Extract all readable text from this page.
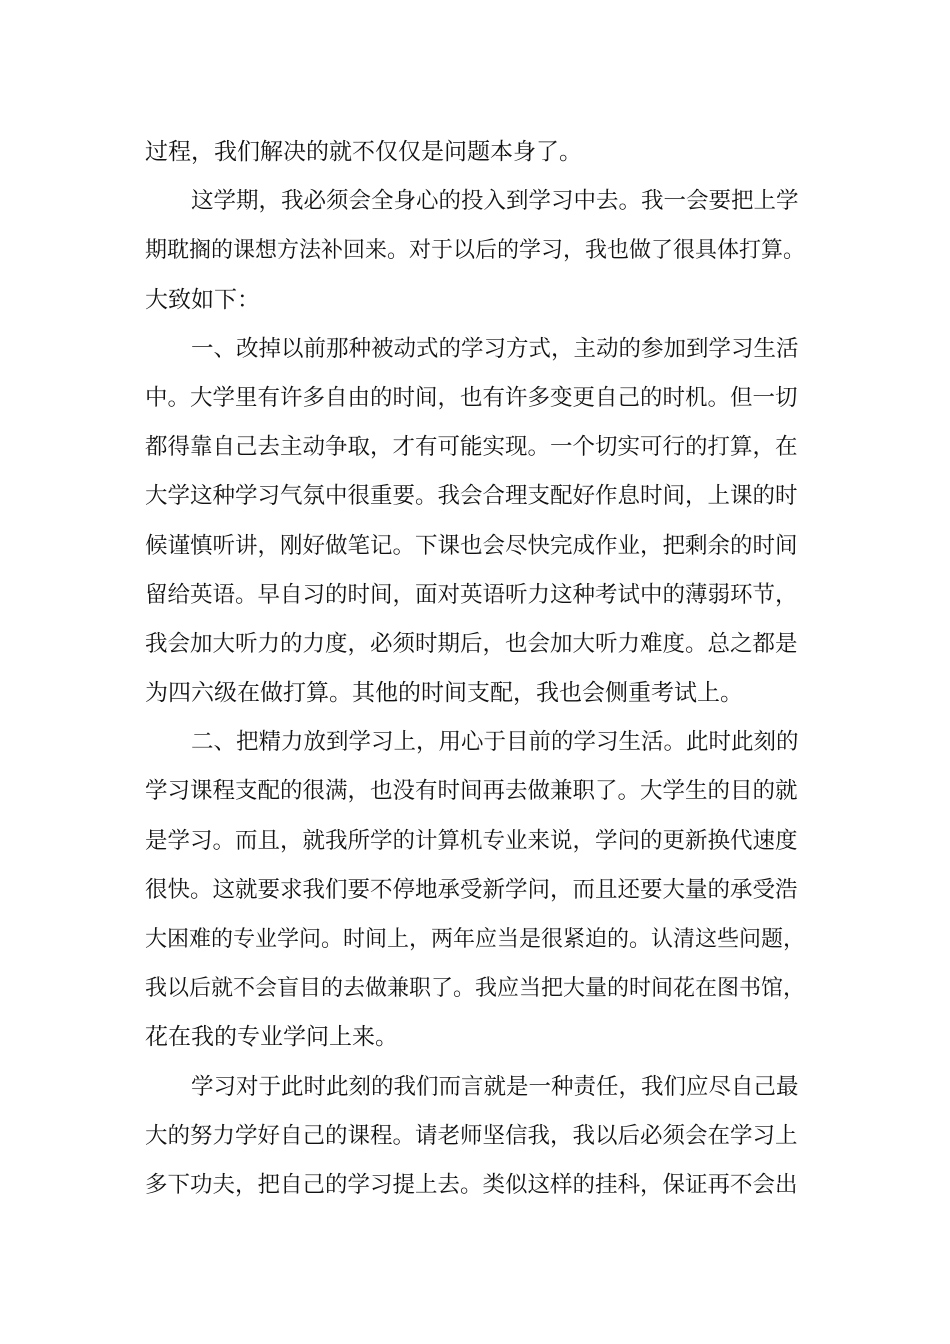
过程，我们解决的就不仅仅是问题本身了。
这学期，我必须会全身心的投入到学习中去。我一会要把上学
期耽搁的课想方法补回来。对于以后的学习，我也做了很具体打算。
大致如下：
一、改掉以前那种被动式的学习方式，主动的参加到学习生活
中。大学里有许多自由的时间，也有许多变更自己的时机。但一切
都得靠自己去主动争取，才有可能实现。一个切实可行的打算，在
大学这种学习气氛中很重要。我会合理支配好作息时间，上课的时
候谨慎听讲，刚好做笔记。下课也会尽快完成作业，把剩余的时间
留给英语。早自习的时间，面对英语听力这种考试中的薄弱环节，
我会加大听力的力度，必须时期后，也会加大听力难度。总之都是
为四六级在做打算。其他的时间支配，我也会侧重考试上。
二、把精力放到学习上，用心于目前的学习生活。此时此刻的
学习课程支配的很满，也没有时间再去做兼职了。大学生的目的就
是学习。而且，就我所学的计算机专业来说，学问的更新换代速度
很快。这就要求我们要不停地承受新学问，而且还要大量的承受浩
大困难的专业学问。时间上，两年应当是很紧迫的。认清这些问题，
我以后就不会盲目的去做兼职了。我应当把大量的时间花在图书馆，
花在我的专业学问上来。
学习对于此时此刻的我们而言就是一种责任，我们应尽自己最
大的努力学好自己的课程。请老师坚信我，我以后必须会在学习上
多下功夫，把自己的学习提上去。类似这样的挂科，保证再不会出
